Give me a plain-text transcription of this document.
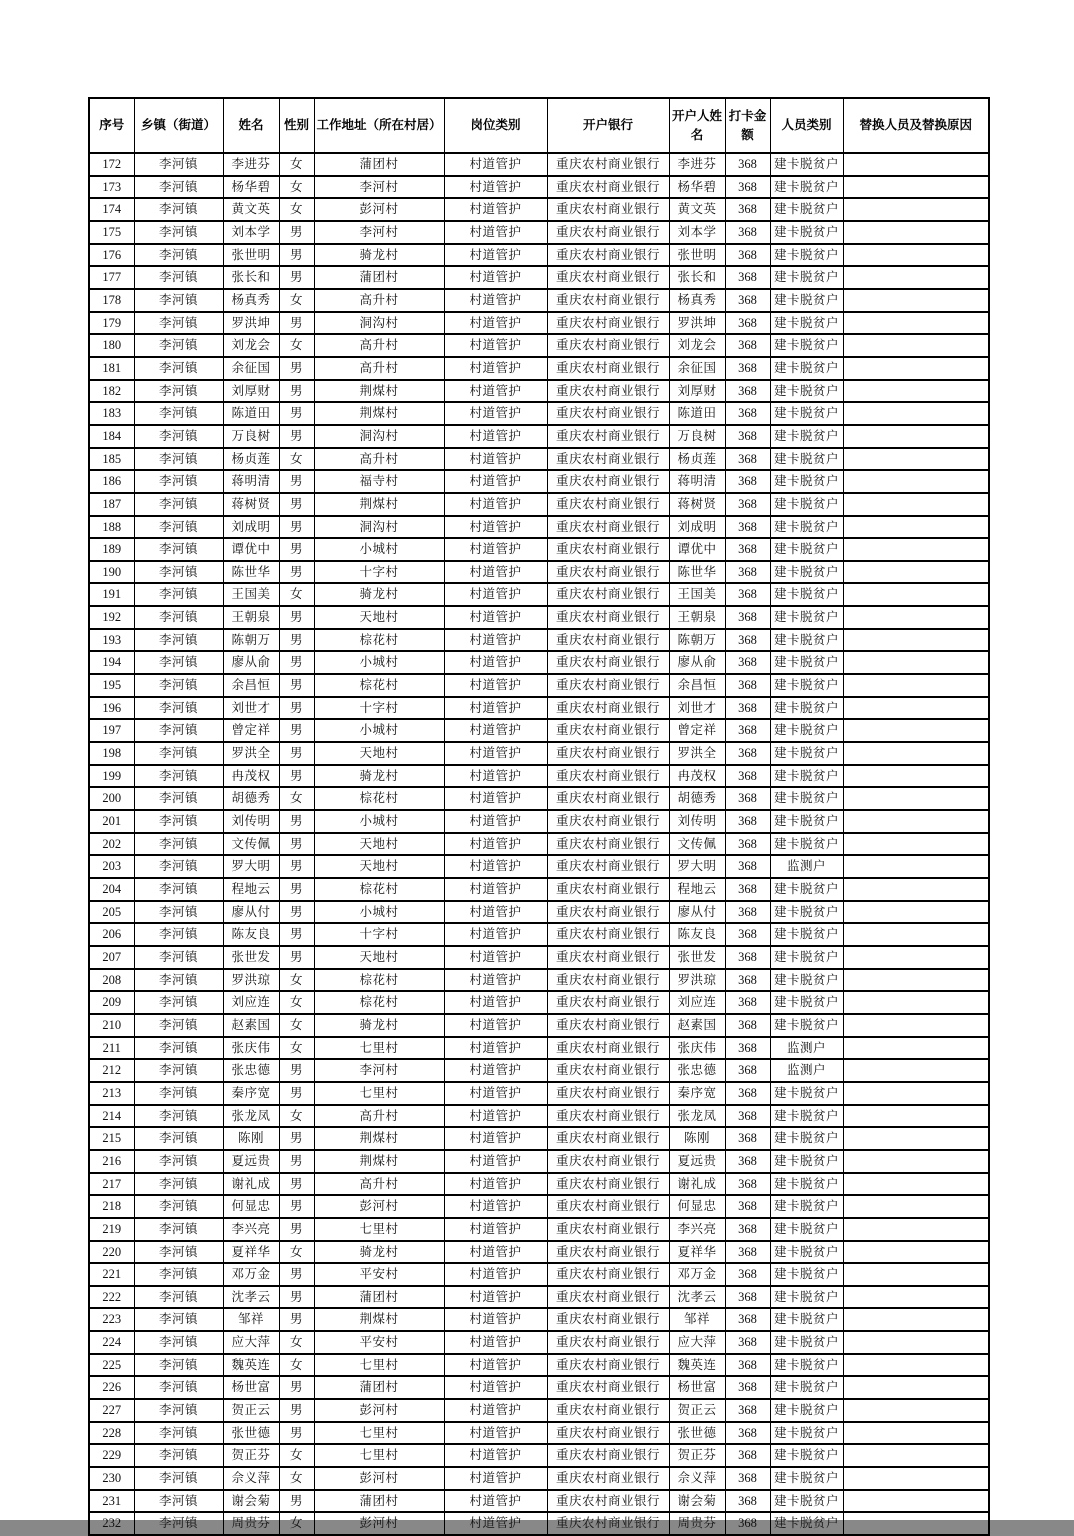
序号	乡镇（街道）	姓名	性别	工作地址（所在村居）	岗位类别	开户银行	开户人姓名	打卡金额	人员类别	替换人员及替换原因
172	李河镇	李进芬	女	蒲团村	村道管护	重庆农村商业银行	李进芬	368	建卡脱贫户	
173	李河镇	杨华碧	女	李河村	村道管护	重庆农村商业银行	杨华碧	368	建卡脱贫户	
174	李河镇	黄文英	女	彭河村	村道管护	重庆农村商业银行	黄文英	368	建卡脱贫户	
175	李河镇	刘本学	男	李河村	村道管护	重庆农村商业银行	刘本学	368	建卡脱贫户	
176	李河镇	张世明	男	骑龙村	村道管护	重庆农村商业银行	张世明	368	建卡脱贫户	
177	李河镇	张长和	男	蒲团村	村道管护	重庆农村商业银行	张长和	368	建卡脱贫户	
178	李河镇	杨真秀	女	高升村	村道管护	重庆农村商业银行	杨真秀	368	建卡脱贫户	
179	李河镇	罗洪坤	男	洞沟村	村道管护	重庆农村商业银行	罗洪坤	368	建卡脱贫户	
180	李河镇	刘龙会	女	高升村	村道管护	重庆农村商业银行	刘龙会	368	建卡脱贫户	
181	李河镇	余征国	男	高升村	村道管护	重庆农村商业银行	余征国	368	建卡脱贫户	
182	李河镇	刘厚财	男	荆煤村	村道管护	重庆农村商业银行	刘厚财	368	建卡脱贫户	
183	李河镇	陈道田	男	荆煤村	村道管护	重庆农村商业银行	陈道田	368	建卡脱贫户	
184	李河镇	万良树	男	洞沟村	村道管护	重庆农村商业银行	万良树	368	建卡脱贫户	
185	李河镇	杨贞莲	女	高升村	村道管护	重庆农村商业银行	杨贞莲	368	建卡脱贫户	
186	李河镇	蒋明清	男	福寺村	村道管护	重庆农村商业银行	蒋明清	368	建卡脱贫户	
187	李河镇	蒋树贤	男	荆煤村	村道管护	重庆农村商业银行	蒋树贤	368	建卡脱贫户	
188	李河镇	刘成明	男	洞沟村	村道管护	重庆农村商业银行	刘成明	368	建卡脱贫户	
189	李河镇	谭优中	男	小城村	村道管护	重庆农村商业银行	谭优中	368	建卡脱贫户	
190	李河镇	陈世华	男	十字村	村道管护	重庆农村商业银行	陈世华	368	建卡脱贫户	
191	李河镇	王国美	女	骑龙村	村道管护	重庆农村商业银行	王国美	368	建卡脱贫户	
192	李河镇	王朝泉	男	天地村	村道管护	重庆农村商业银行	王朝泉	368	建卡脱贫户	
193	李河镇	陈朝万	男	棕花村	村道管护	重庆农村商业银行	陈朝万	368	建卡脱贫户	
194	李河镇	廖从俞	男	小城村	村道管护	重庆农村商业银行	廖从俞	368	建卡脱贫户	
195	李河镇	余昌恒	男	棕花村	村道管护	重庆农村商业银行	余昌恒	368	建卡脱贫户	
196	李河镇	刘世才	男	十字村	村道管护	重庆农村商业银行	刘世才	368	建卡脱贫户	
197	李河镇	曾定祥	男	小城村	村道管护	重庆农村商业银行	曾定祥	368	建卡脱贫户	
198	李河镇	罗洪全	男	天地村	村道管护	重庆农村商业银行	罗洪全	368	建卡脱贫户	
199	李河镇	冉茂权	男	骑龙村	村道管护	重庆农村商业银行	冉茂权	368	建卡脱贫户	
200	李河镇	胡德秀	女	棕花村	村道管护	重庆农村商业银行	胡德秀	368	建卡脱贫户	
201	李河镇	刘传明	男	小城村	村道管护	重庆农村商业银行	刘传明	368	建卡脱贫户	
202	李河镇	文传佩	男	天地村	村道管护	重庆农村商业银行	文传佩	368	建卡脱贫户	
203	李河镇	罗大明	男	天地村	村道管护	重庆农村商业银行	罗大明	368	监测户	
204	李河镇	程地云	男	棕花村	村道管护	重庆农村商业银行	程地云	368	建卡脱贫户	
205	李河镇	廖从付	男	小城村	村道管护	重庆农村商业银行	廖从付	368	建卡脱贫户	
206	李河镇	陈友良	男	十字村	村道管护	重庆农村商业银行	陈友良	368	建卡脱贫户	
207	李河镇	张世发	男	天地村	村道管护	重庆农村商业银行	张世发	368	建卡脱贫户	
208	李河镇	罗洪琼	女	棕花村	村道管护	重庆农村商业银行	罗洪琼	368	建卡脱贫户	
209	李河镇	刘应连	女	棕花村	村道管护	重庆农村商业银行	刘应连	368	建卡脱贫户	
210	李河镇	赵素国	女	骑龙村	村道管护	重庆农村商业银行	赵素国	368	建卡脱贫户	
211	李河镇	张庆伟	女	七里村	村道管护	重庆农村商业银行	张庆伟	368	监测户	
212	李河镇	张忠德	男	李河村	村道管护	重庆农村商业银行	张忠德	368	监测户	
213	李河镇	秦序宽	男	七里村	村道管护	重庆农村商业银行	秦序宽	368	建卡脱贫户	
214	李河镇	张龙凤	女	高升村	村道管护	重庆农村商业银行	张龙凤	368	建卡脱贫户	
215	李河镇	陈刚	男	荆煤村	村道管护	重庆农村商业银行	陈刚	368	建卡脱贫户	
216	李河镇	夏远贵	男	荆煤村	村道管护	重庆农村商业银行	夏远贵	368	建卡脱贫户	
217	李河镇	谢礼成	男	高升村	村道管护	重庆农村商业银行	谢礼成	368	建卡脱贫户	
218	李河镇	何显忠	男	彭河村	村道管护	重庆农村商业银行	何显忠	368	建卡脱贫户	
219	李河镇	李兴亮	男	七里村	村道管护	重庆农村商业银行	李兴亮	368	建卡脱贫户	
220	李河镇	夏祥华	女	骑龙村	村道管护	重庆农村商业银行	夏祥华	368	建卡脱贫户	
221	李河镇	邓万金	男	平安村	村道管护	重庆农村商业银行	邓万金	368	建卡脱贫户	
222	李河镇	沈孝云	男	蒲团村	村道管护	重庆农村商业银行	沈孝云	368	建卡脱贫户	
223	李河镇	邹祥	男	荆煤村	村道管护	重庆农村商业银行	邹祥	368	建卡脱贫户	
224	李河镇	应大萍	女	平安村	村道管护	重庆农村商业银行	应大萍	368	建卡脱贫户	
225	李河镇	魏英连	女	七里村	村道管护	重庆农村商业银行	魏英连	368	建卡脱贫户	
226	李河镇	杨世富	男	蒲团村	村道管护	重庆农村商业银行	杨世富	368	建卡脱贫户	
227	李河镇	贺正云	男	彭河村	村道管护	重庆农村商业银行	贺正云	368	建卡脱贫户	
228	李河镇	张世德	男	七里村	村道管护	重庆农村商业银行	张世德	368	建卡脱贫户	
229	李河镇	贺正芬	女	七里村	村道管护	重庆农村商业银行	贺正芬	368	建卡脱贫户	
230	李河镇	佘义萍	女	彭河村	村道管护	重庆农村商业银行	佘义萍	368	建卡脱贫户	
231	李河镇	谢会菊	男	蒲团村	村道管护	重庆农村商业银行	谢会菊	368	建卡脱贫户	
232	李河镇	周贵芬	女	彭河村	村道管护	重庆农村商业银行	周贵芬	368	建卡脱贫户	
